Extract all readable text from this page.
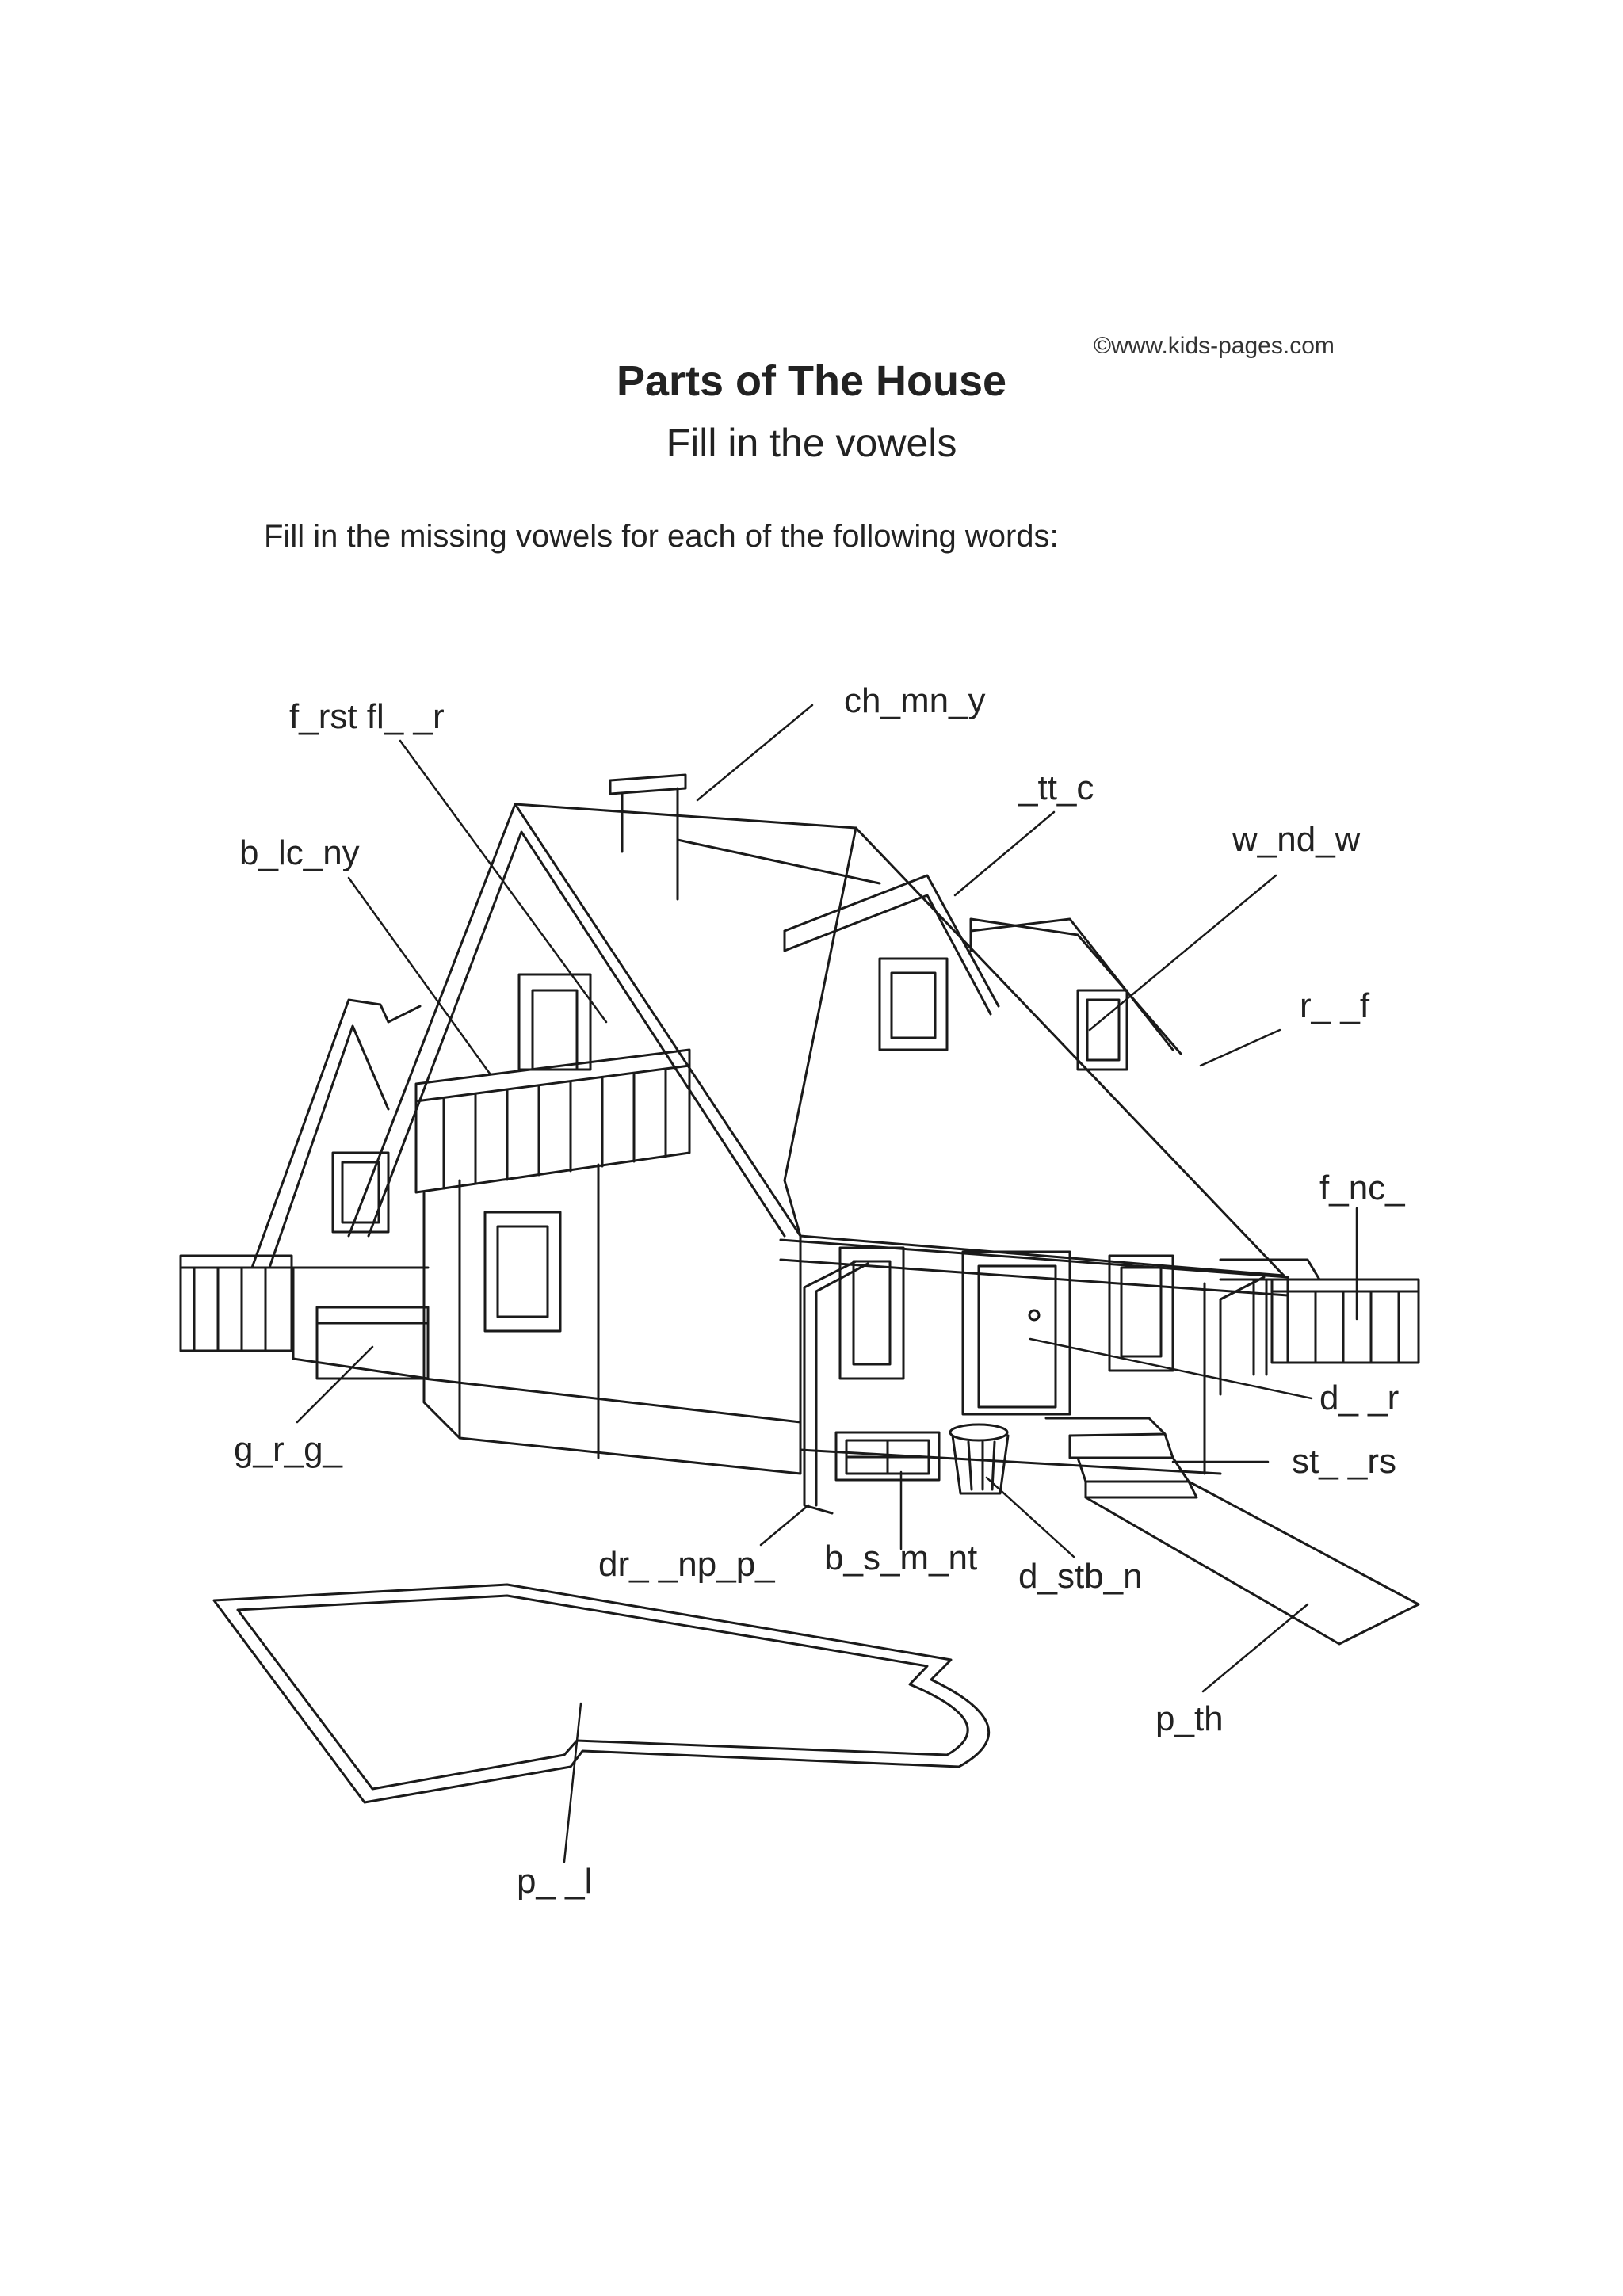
©www.kids-pages.com
Parts of The House
Fill in the vowels
Fill in the missing vowels for each of the following words:
f_rst fl_ _r	ch_mn_y
_tt_c
b_lc_ny	w_nd_w
r_ _f
f_nc_
d_ _r
g_r_g_	st_ _rs
dr_ _np_p_ b_s_m_nt d_stb_n
p_th
p_ _l
